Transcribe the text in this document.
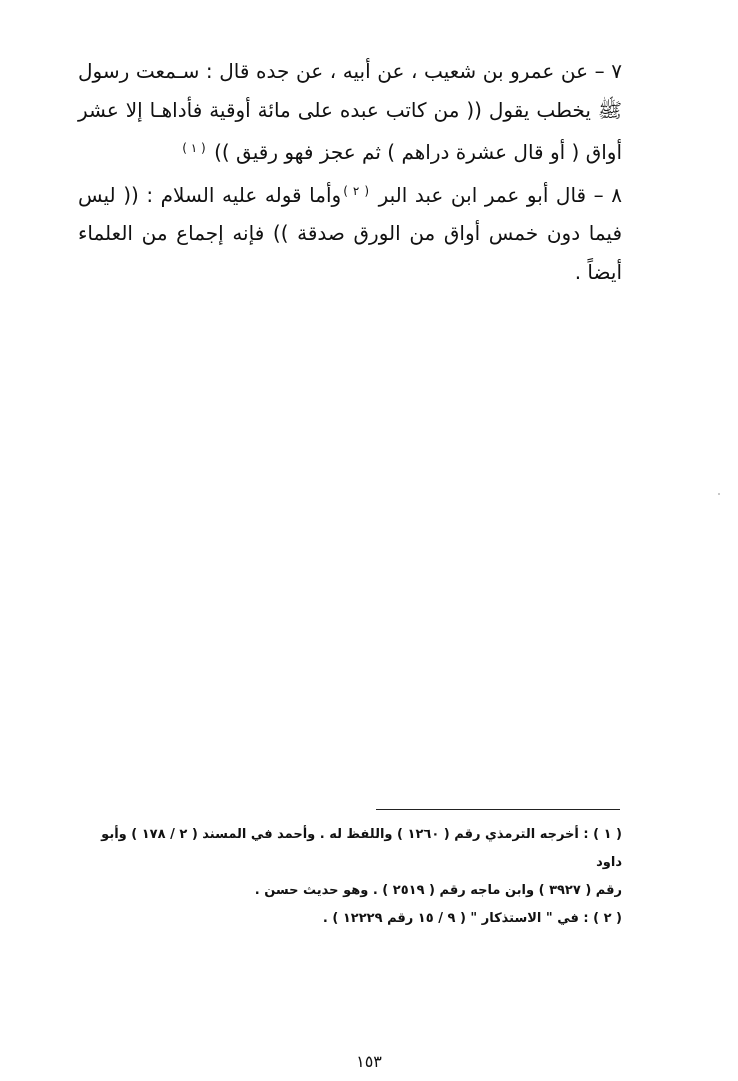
٧ – عن عمرو بن شعيب ، عن أبيه ، عن جده قال : سـمعت رسول ﷺ يخطب يقول (( من كاتب عبده على مائة أوقية فأداهـا إلا عشر أواق ( أو قال عشرة دراهم ) ثم عجز فهو رقيق )) $^{( ١ )}$

٨ – قال أبو عمر ابن عبد البر $^{( ٢ )}$وأما قوله عليه السلام : (( ليس فيما دون خمس أواق من الورق صدقة )) فإنه إجماع من العلماء أيضاً .

( ١ ) : أخرجه الترمذي رقم ( ١٢٦٠ ) واللفظ له . وأحمد في المسند ( ٢ / ١٧٨ ) وأبو داود

رقم ( ٣٩٢٧ ) وابن ماجه رقم ( ٢٥١٩ ) . وهو حديث حسن .

( ٢ ) : في " الاستذكار " ( ٩ / ١٥ رقم ١٢٢٢٩ ) .

١٥٣
